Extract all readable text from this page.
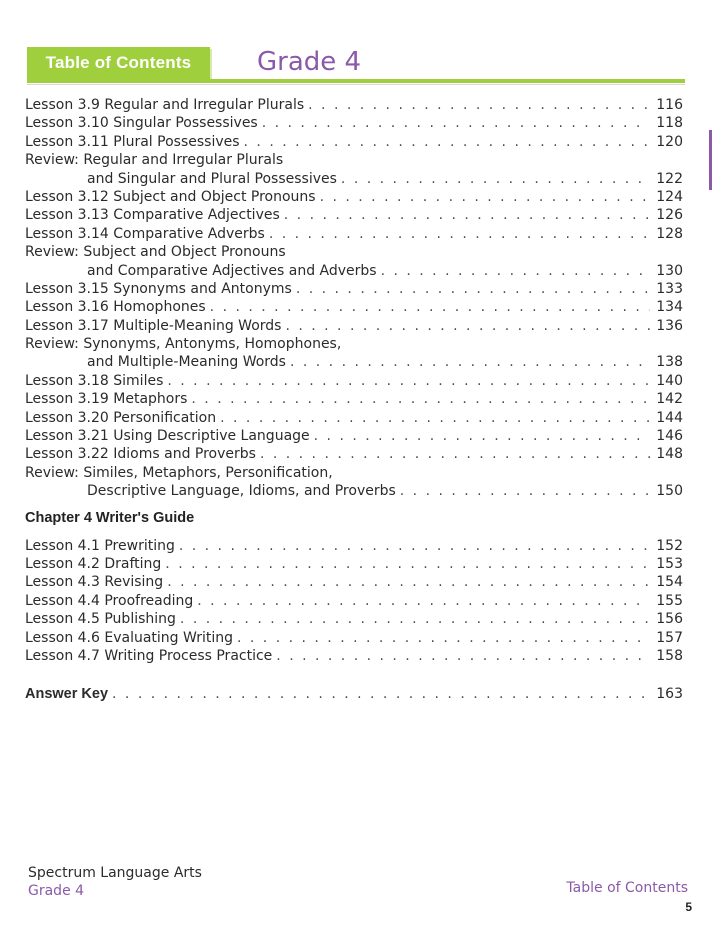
Table of Contents	Grade 4
Lesson 3.9 Regular and Irregular Plurals . . .	116
Lesson 3.10 Singular Possessives . . .	118
Lesson 3.11 Plural Possessives . . .	120
Review: Regular and Irregular Plurals
and Singular and Plural Possessives . . .	122
Lesson 3.12 Subject and Object Pronouns . . .	124
Lesson 3.13 Comparative Adjectives . . .	126
Lesson 3.14 Comparative Adverbs . . .	128
Review: Subject and Object Pronouns
and Comparative Adjectives and Adverbs . . .	130
Lesson 3.15 Synonyms and Antonyms . . .	133
Lesson 3.16 Homophones . . .	134
Lesson 3.17 Multiple-Meaning Words . . .	136
Review: Synonyms, Antonyms, Homophones,
and Multiple-Meaning Words . . .	138
Lesson 3.18 Similes . . .	140
Lesson 3.19 Metaphors . . .	142
Lesson 3.20 Personification . . .	144
Lesson 3.21 Using Descriptive Language . . .	146
Lesson 3.22 Idioms and Proverbs . . .	148
Review: Similes, Metaphors, Personification,
Descriptive Language, Idioms, and Proverbs . . .	150
Chapter 4 Writer's Guide
Lesson 4.1 Prewriting . . .	152
Lesson 4.2 Drafting . . .	153
Lesson 4.3 Revising . . .	154
Lesson 4.4 Proofreading . . .	155
Lesson 4.5 Publishing . . .	156
Lesson 4.6 Evaluating Writing . . .	157
Lesson 4.7 Writing Process Practice . . .	158
Answer Key . . .	163
Spectrum Language Arts
Grade 4	Table of Contents
5
